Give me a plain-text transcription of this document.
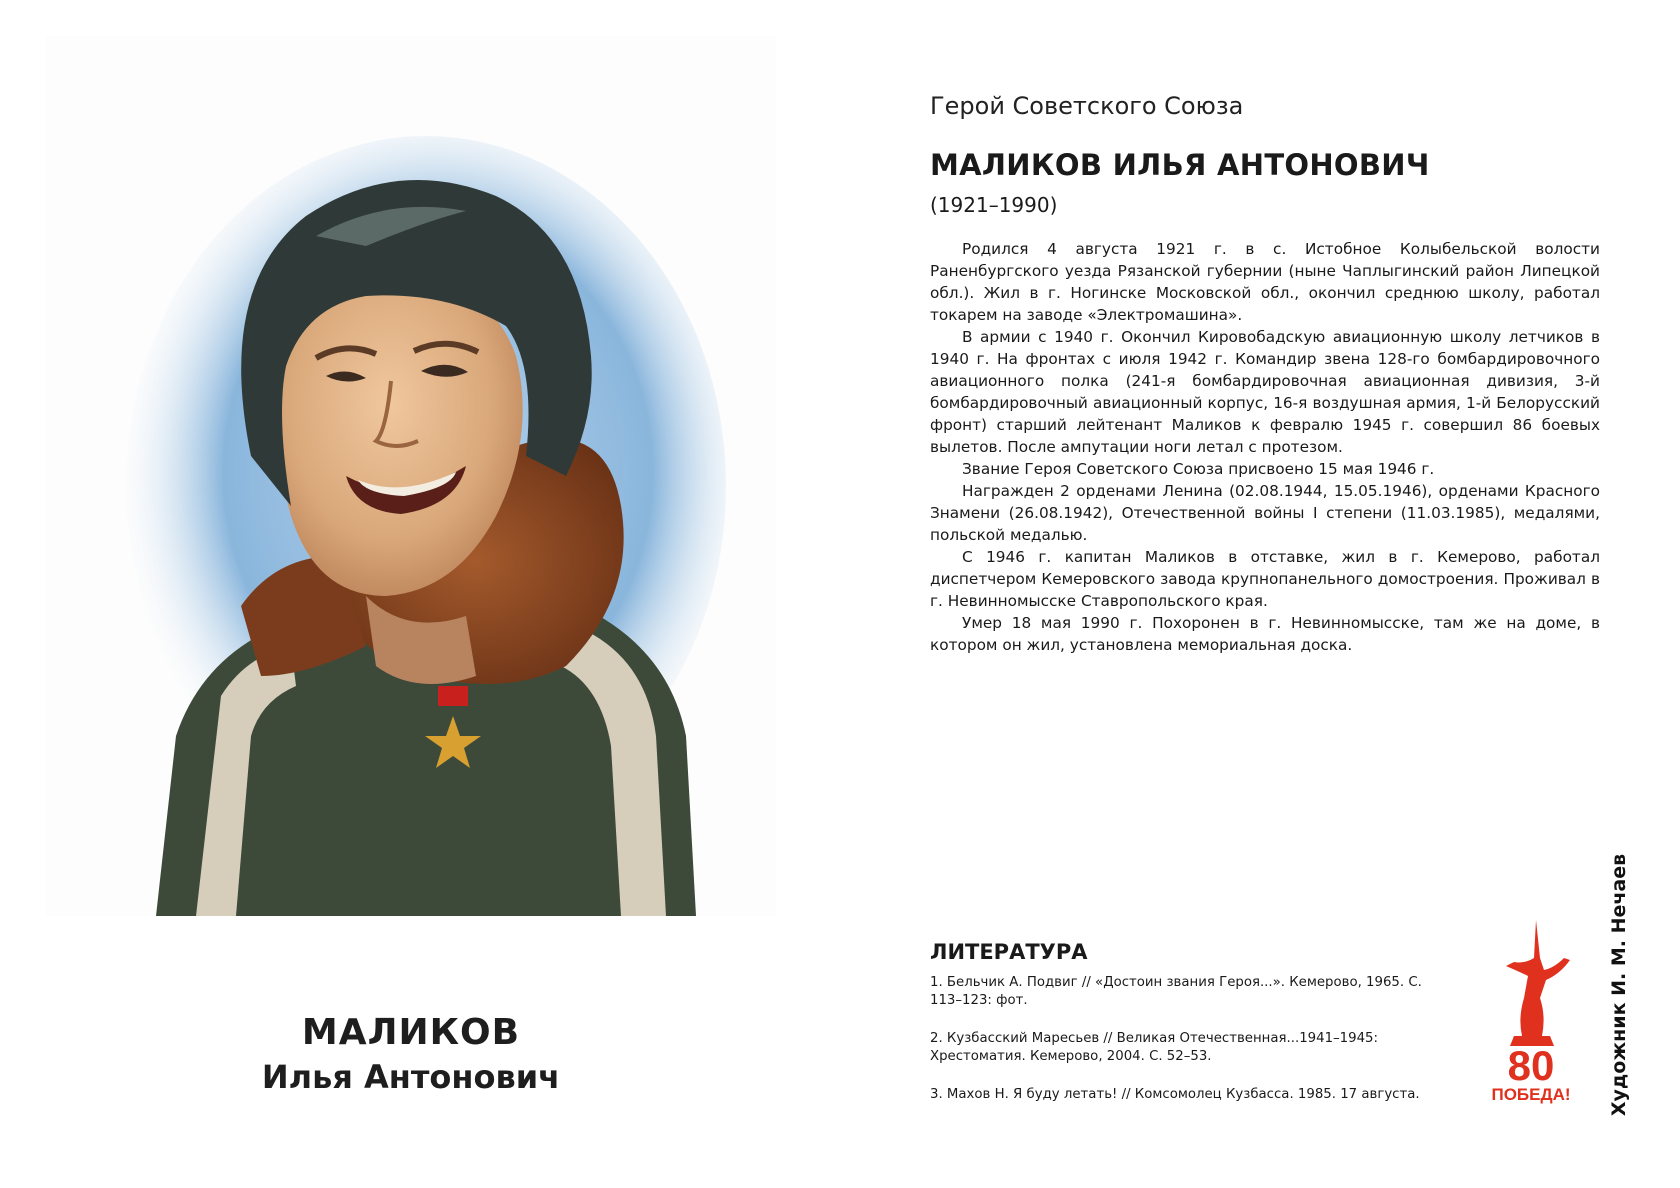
МАЛИКОВ
Илья Антонович
Герой Советского Союза
МАЛИКОВ ИЛЬЯ АНТОНОВИЧ
(1921–1990)

Родился 4 августа 1921 г. в с. Истобное Колыбельской волости Раненбургского уезда Рязанской губернии (ныне Чаплыгинский район Липецкой обл.). Жил в г. Ногинске Московской обл., окончил среднюю школу, работал токарем на заводе «Электромашина».

В армии с 1940 г. Окончил Кировобадскую авиационную школу летчиков в 1940 г. На фронтах с июля 1942 г. Командир звена 128-го бомбардировочного авиационного полка (241-я бомбардировочная авиационная дивизия, 3-й бомбардировочный авиационный корпус, 16-я воздушная армия, 1-й Белорусский фронт) старший лейтенант Маликов к февралю 1945 г. совершил 86 боевых вылетов. После ампутации ноги летал с протезом.

Звание Героя Советского Союза присвоено 15 мая 1946 г.

Награжден 2 орденами Ленина (02.08.1944, 15.05.1946), орденами Красного Знамени (26.08.1942), Отечественной войны I степени (11.03.1985), медалями, польской медалью.

С 1946 г. капитан Маликов в отставке, жил в г. Кемерово, работал диспетчером Кемеровского завода крупнопанельного домостроения. Проживал в г. Невинномысске Ставропольского края.

Умер 18 мая 1990 г. Похоронен в г. Невинномысске, там же на доме, в котором он жил, установлена мемориальная доска.

ЛИТЕРАТУРА

1. Бельчик А. Подвиг // «Достоин звания Героя...». Кемерово, 1965. С. 113–123: фот.

2. Кузбасский Маресьев // Великая Отечественная...1941–1945: Хрестоматия. Кемерово, 2004. С. 52–53.

3. Махов Н. Я буду летать! // Комсомолец Кузбасса. 1985. 17 августа.

80
ПОБЕДА! Художник И. М. Нечаев
